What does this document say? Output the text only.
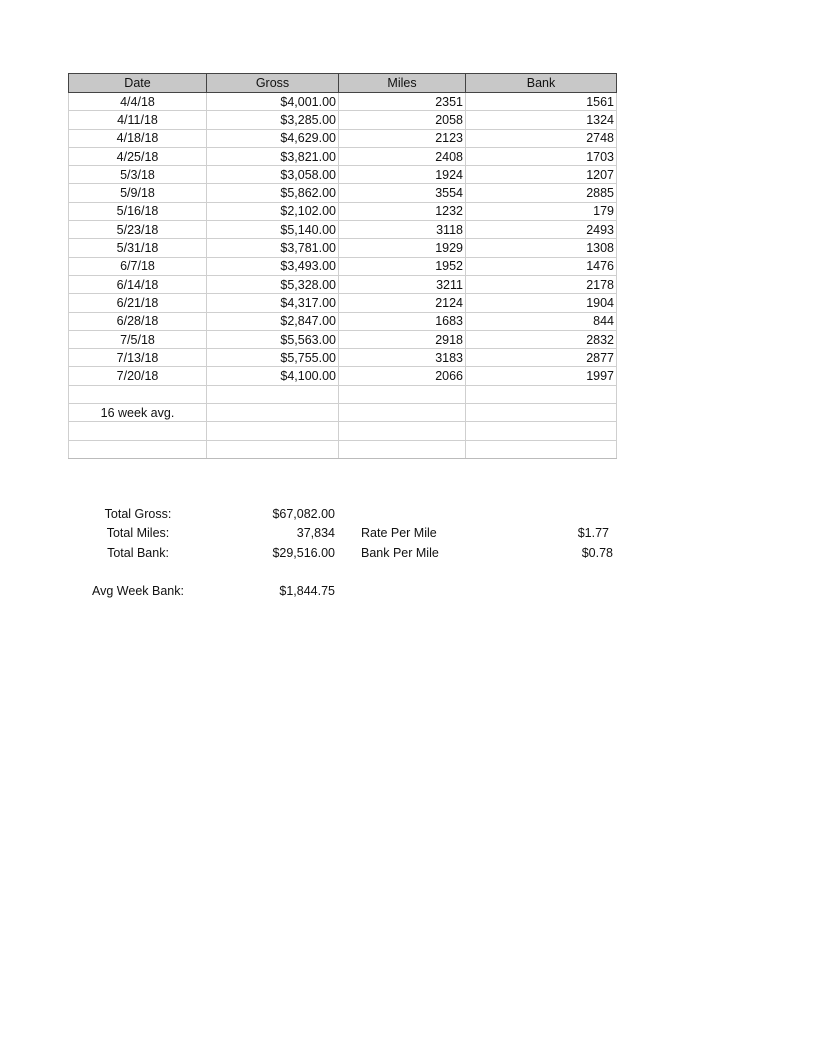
Date	Gross	Miles	Bank
4/4/18	$4,001.00	2351	1561
4/11/18	$3,285.00	2058	1324
4/18/18	$4,629.00	2123	2748
4/25/18	$3,821.00	2408	1703
5/3/18	$3,058.00	1924	1207
5/9/18	$5,862.00	3554	2885
5/16/18	$2,102.00	1232	179
5/23/18	$5,140.00	3118	2493
5/31/18	$3,781.00	1929	1308
6/7/18	$3,493.00	1952	1476
6/14/18	$5,328.00	3211	2178
6/21/18	$4,317.00	2124	1904
6/28/18	$2,847.00	1683	844
7/5/18	$5,563.00	2918	2832
7/13/18	$5,755.00	3183	2877
7/20/18	$4,100.00	2066	1997

16 week avg.			

Total Gross:	$67,082.00
Total Miles:	37,834
Total Bank:	$29,516.00
Avg Week Bank:	$1,844.75
Rate Per Mile	$1.77
Bank Per Mile	$0.78
